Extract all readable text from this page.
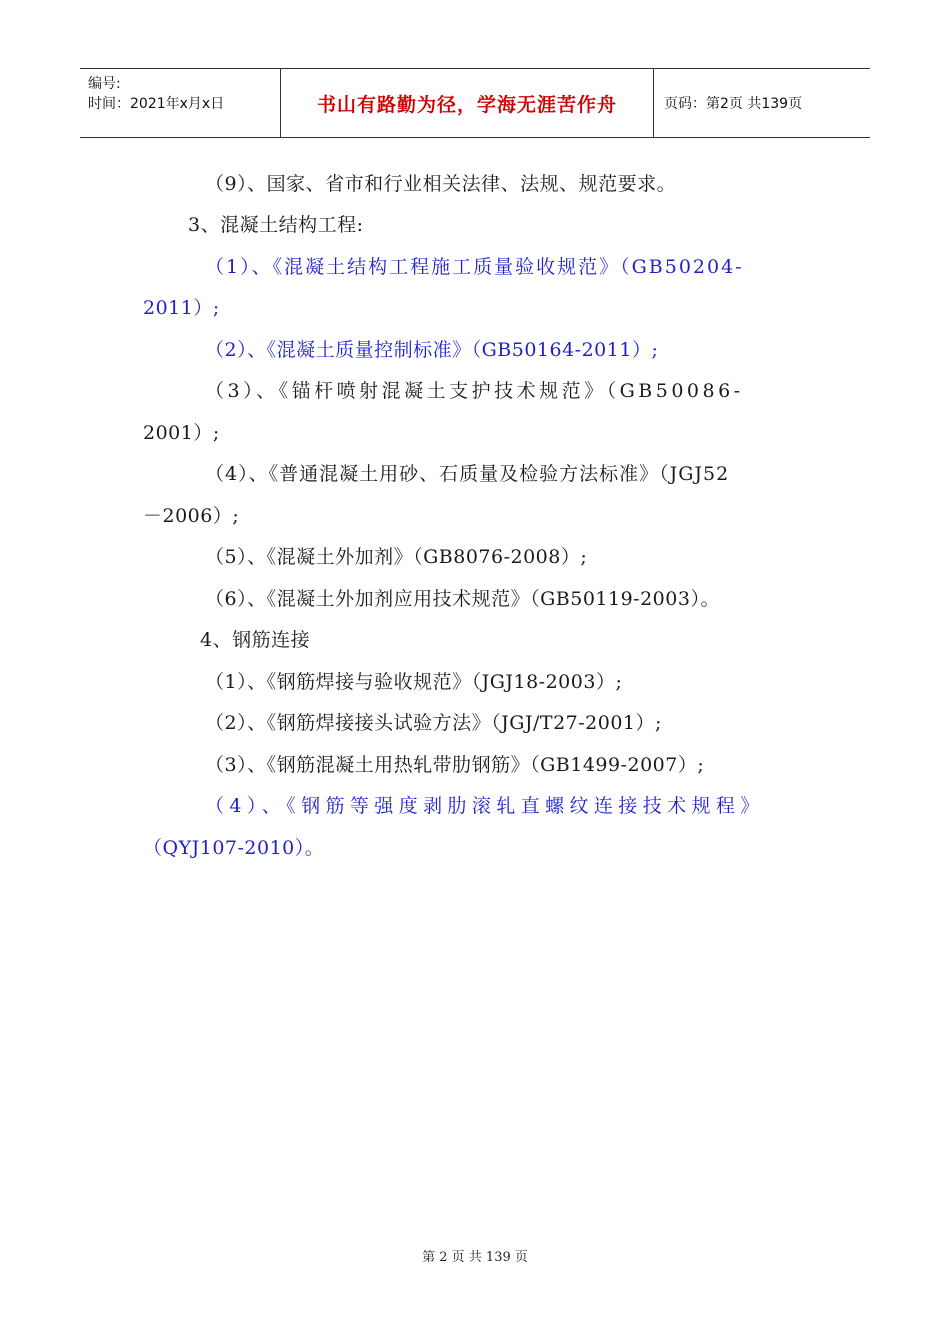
编号:
时间：2021年x月x日	书山有路勤为径，学海无涯苦作舟	页码：第2页 共139页
（9）、国家、省市和行业相关法律、法规、规范要求。
3、混凝土结构工程:
（1）、《混凝土结构工程施工质量验收规范》（GB50204-
2011）;
（2）、《混凝土质量控制标准》（GB50164-2011）;
（3）、《锚杆喷射混凝土支护技术规范》（GB50086-
2001）;
（4）、《普通混凝土用砂、石质量及检验方法标准》（JGJ52
－2006）;
（5）、《混凝土外加剂》（GB8076-2008）;
（6）、《混凝土外加剂应用技术规范》（GB50119-2003）。
4、钢筋连接
（1）、《钢筋焊接与验收规范》（JGJ18-2003）;
（2）、《钢筋焊接接头试验方法》（JGJ/T27-2001）;
（3）、《钢筋混凝土用热轧带肋钢筋》（GB1499-2007）;
（4）、《钢筋等强度剥肋滚轧直螺纹连接技术规程》
（QYJ107-2010）。
第 2 页 共 139 页
